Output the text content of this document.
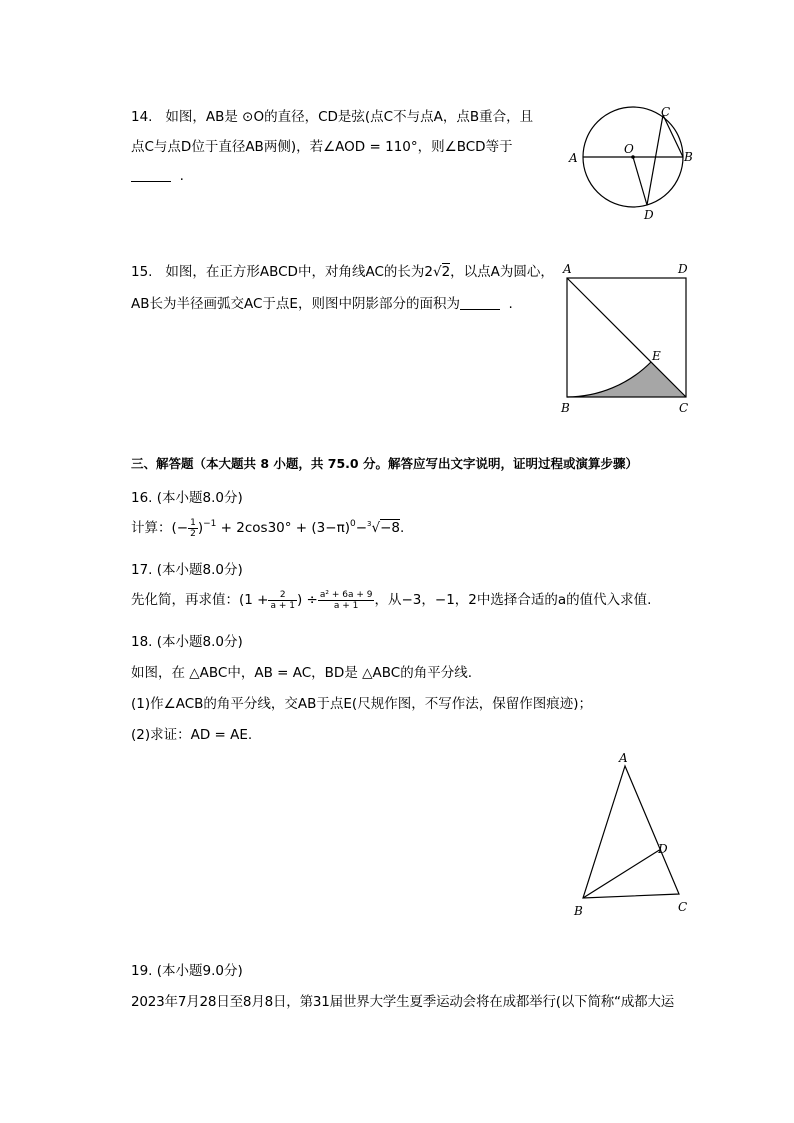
14. 如图，AB是 ⊙O的直径，CD是弦(点C不与点A，点B重合，且
点C与点D位于直径AB两侧)，若∠AOD = 110°，则∠BCD等于
.
A
O
B
C
D
15. 如图，在正方形ABCD中，对角线AC的长为2√2，以点A为圆心，
AB长为半径画弧交AC于点E，则图中阴影部分的面积为	.
A	D
E
B	C
三、解答题（本大题共 8 小题，共 75.0 分。解答应写出文字说明，证明过程或演算步骤）
16. (本小题8.0分)
计算：(− $\frac{1}{2} )^{-1} + 2\cos 30^\circ + (3-\pi)^0-^3√-8$.
17. (本小题8.0分)
先化简，再求值：($1 + \frac{2}{a + 1}$ ) ÷ $\frac{\text{a² + 6a + 9}}{a + 1}$ ，从−3，−1，2中选择合适的a的值代入求值.
18. (本小题8.0分)
如图，在 △ABC中，AB = AC，BD是 △ABC的角平分线.
(1)作∠ACB的角平分线，交AB于点E(尺规作图，不写作法，保留作图痕迹)；
(2)求证：AD = AE.
A
B	C
D
19. (本小题9.0分)
2023年7月28日至8月8日，第31届世界大学生夏季运动会将在成都举行(以下简称“成都大运
